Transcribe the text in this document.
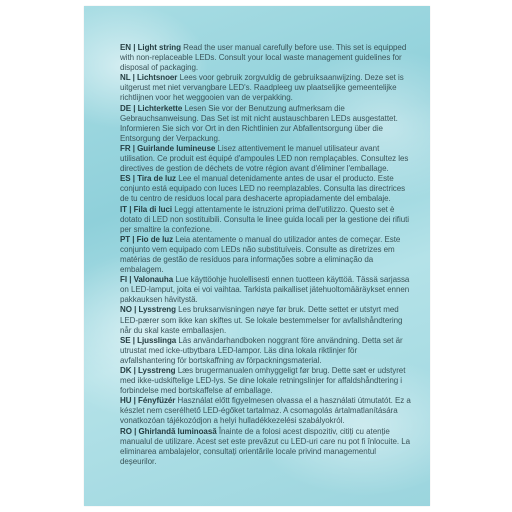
EN | Light string Read the user manual carefully before use. This set is equipped with non-replaceable LEDs. Consult your local waste management guidelines for disposal of packaging.

NL | Lichtsnoer Lees voor gebruik zorgvuldig de gebruiksaanwijzing. Deze set is uitgerust met niet vervangbare LED's. Raadpleeg uw plaatselijke gemeentelijke richtlijnen voor het weggooien van de verpakking.

DE | Lichterkette Lesen Sie vor der Benutzung aufmerksam die Gebrauchsanweisung. Das Set ist mit nicht austauschbaren LEDs ausgestattet. Informieren Sie sich vor Ort in den Richtlinien zur Abfallentsorgung über die Entsorgung der Verpackung.

FR | Guirlande lumineuse Lisez attentivement le manuel utilisateur avant utilisation. Ce produit est équipé d'ampoules LED non remplaçables. Consultez les directives de gestion de déchets de votre région avant d'éliminer l'emballage.

ES | Tira de luz Lee el manual detenidamente antes de usar el producto. Este conjunto está equipado con luces LED no reemplazables. Consulta las directrices de tu centro de residuos local para deshacerte apropiadamente del embalaje.

IT | Fila di luci Leggi attentamente le istruzioni prima dell'utilizzo. Questo set è dotato di LED non sostituibili. Consulta le linee guida locali per la gestione dei rifiuti per smaltire la confezione.

PT | Fio de luz Leia atentamente o manual do utilizador antes de começar. Este conjunto vem equipado com LEDs não substituíveis. Consulte as diretrizes em matérias de gestão de resíduos para informações sobre a eliminação da embalagem.

FI | Valonauha Lue käyttöohje huolellisesti ennen tuotteen käyttöä. Tässä sarjassa on LED-lamput, joita ei voi vaihtaa. Tarkista paikalliset jätehuoltomääräykset ennen pakkauksen hävitystä.

NO | Lysstreng Les bruksanvisningen nøye før bruk. Dette settet er utstyrt med LED-pærer som ikke kan skiftes ut. Se lokale bestemmelser for avfallshåndtering når du skal kaste emballasjen.

SE | Ljusslinga Läs användarhandboken noggrant före användning. Detta set är utrustat med icke-utbytbara LED-lampor. Läs dina lokala riktlinjer för avfallshantering för bortskaffning av förpackningsmaterial.

DK | Lysstreng Læs brugermanualen omhyggeligt før brug. Dette sæt er udstyret med ikke-udskiftelige LED-lys. Se dine lokale retningslinjer for affaldshåndtering i forbindelse med bortskaffelse af emballage.

HU | Fényfüzér Használat előtt figyelmesen olvassa el a használati útmutatót. Ez a készlet nem cserélhető LED-égőket tartalmaz. A csomagolás ártalmatlanítására vonatkozóan tájékozódjon a helyi hulladékkezelési szabályokról.

RO | Ghirlandă luminoasă Înainte de a folosi acest dispozitiv, citiți cu atenție manualul de utilizare. Acest set este prevăzut cu LED-uri care nu pot fi înlocuite. La eliminarea ambalajelor, consultați orientările locale privind managementul deșeurilor.
